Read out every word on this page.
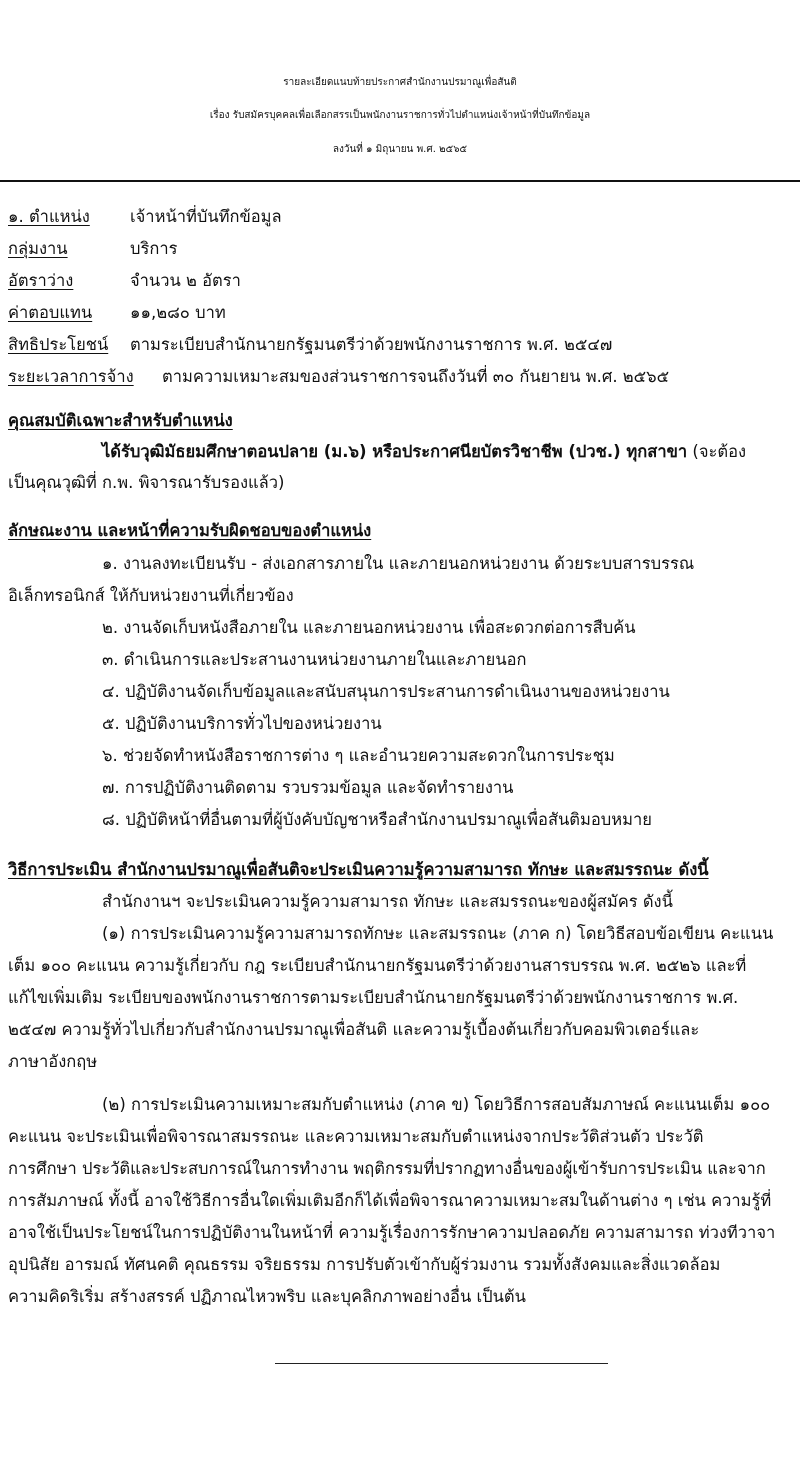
รายละเอียดแนบท้ายประกาศสำนักงานปรมาณูเพื่อสันติ
เรื่อง รับสมัครบุคคลเพื่อเลือกสรรเป็นพนักงานราชการทั่วไปตำแหน่งเจ้าหน้าที่บันทึกข้อมูล
ลงวันที่ ๑ มิถุนายน พ.ศ. ๒๕๖๕
๑. ตำแหน่ง เจ้าหน้าที่บันทึกข้อมูล
กลุ่มงาน	บริการ
อัตราว่าง	จำนวน ๒ อัตรา
ค่าตอบแทน ๑๑,๒๘๐ บาท
สิทธิประโยชน์ ตามระเบียบสำนักนายกรัฐมนตรีว่าด้วยพนักงานราชการ พ.ศ. ๒๕๔๗
ระยะเวลาการจ้าง ตามความเหมาะสมของส่วนราชการจนถึงวันที่ ๓๐ กันยายน พ.ศ. ๒๕๖๕
คุณสมบัติเฉพาะสำหรับตำแหน่ง
ได้รับวุฒิมัธยมศึกษาตอนปลาย (ม.๖) หรือประกาศนียบัตรวิชาชีพ (ปวช.) ทุกสาขา (จะต้อง
เป็นคุณวุฒิที่ ก.พ. พิจารณารับรองแล้ว)
ลักษณะงาน และหน้าที่ความรับผิดชอบของตำแหน่ง
๑. งานลงทะเบียนรับ - ส่งเอกสารภายใน และภายนอกหน่วยงาน ด้วยระบบสารบรรณ
อิเล็กทรอนิกส์ ให้กับหน่วยงานที่เกี่ยวข้อง
๒. งานจัดเก็บหนังสือภายใน และภายนอกหน่วยงาน เพื่อสะดวกต่อการสืบค้น
๓. ดำเนินการและประสานงานหน่วยงานภายในและภายนอก
๔. ปฏิบัติงานจัดเก็บข้อมูลและสนับสนุนการประสานการดำเนินงานของหน่วยงาน
๕. ปฏิบัติงานบริการทั่วไปของหน่วยงาน
๖. ช่วยจัดทำหนังสือราชการต่าง ๆ และอำนวยความสะดวกในการประชุม
๗. การปฏิบัติงานติดตาม รวบรวมข้อมูล และจัดทำรายงาน
๘. ปฏิบัติหน้าที่อื่นตามที่ผู้บังคับบัญชาหรือสำนักงานปรมาณูเพื่อสันติมอบหมาย
วิธีการประเมิน สำนักงานปรมาณูเพื่อสันติจะประเมินความรู้ความสามารถ ทักษะ และสมรรถนะ ดังนี้
สำนักงานฯ จะประเมินความรู้ความสามารถ ทักษะ และสมรรถนะของผู้สมัคร ดังนี้
(๑) การประเมินความรู้ความสามารถทักษะ และสมรรถนะ (ภาค ก) โดยวิธีสอบข้อเขียน คะแนน
เต็ม ๑๐๐ คะแนน ความรู้เกี่ยวกับ กฎ ระเบียบสำนักนายกรัฐมนตรีว่าด้วยงานสารบรรณ พ.ศ. ๒๕๒๖ และที่
แก้ไขเพิ่มเติม ระเบียบของพนักงานราชการตามระเบียบสำนักนายกรัฐมนตรีว่าด้วยพนักงานราชการ พ.ศ.
๒๕๔๗ ความรู้ทั่วไปเกี่ยวกับสำนักงานปรมาณูเพื่อสันติ และความรู้เบื้องต้นเกี่ยวกับคอมพิวเตอร์และ
ภาษาอังกฤษ
(๒) การประเมินความเหมาะสมกับตำแหน่ง (ภาค ข) โดยวิธีการสอบสัมภาษณ์ คะแนนเต็ม ๑๐๐
คะแนน จะประเมินเพื่อพิจารณาสมรรถนะ และความเหมาะสมกับตำแหน่งจากประวัติส่วนตัว ประวัติ
การศึกษา ประวัติและประสบการณ์ในการทำงาน พฤติกรรมที่ปรากฏทางอื่นของผู้เข้ารับการประเมิน และจาก
การสัมภาษณ์ ทั้งนี้ อาจใช้วิธีการอื่นใดเพิ่มเติมอีกก็ได้เพื่อพิจารณาความเหมาะสมในด้านต่าง ๆ เช่น ความรู้ที่
อาจใช้เป็นประโยชน์ในการปฏิบัติงานในหน้าที่ ความรู้เรื่องการรักษาความปลอดภัย ความสามารถ ท่วงทีวาจา
อุปนิสัย อารมณ์ ทัศนคติ คุณธรรม จริยธรรม การปรับตัวเข้ากับผู้ร่วมงาน รวมทั้งสังคมและสิ่งแวดล้อม
ความคิดริเริ่ม สร้างสรรค์ ปฏิภาณไหวพริบ และบุคลิกภาพอย่างอื่น เป็นต้น
